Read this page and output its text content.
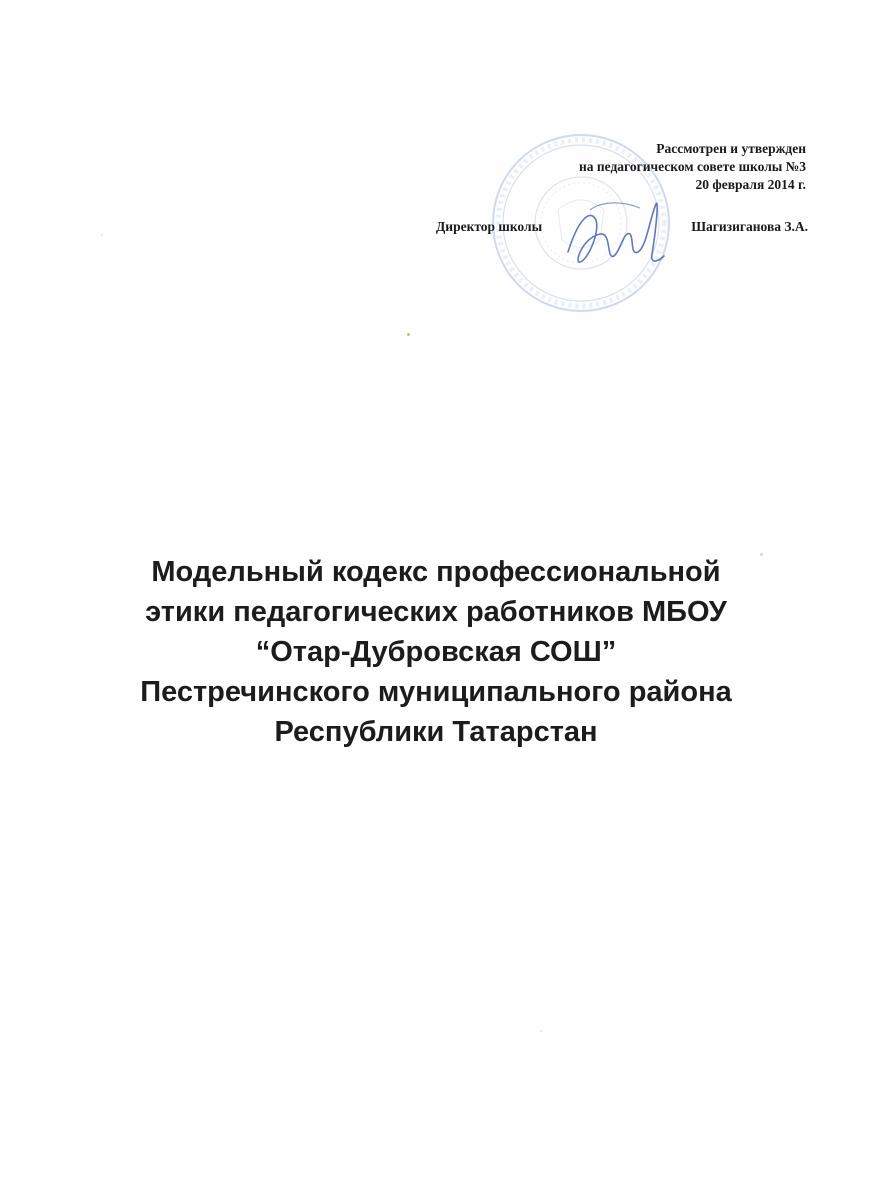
Рассмотрен и утвержден
на педагогическом совете школы №3
20 февраля 2014 г.
Директор школы	Шагизиганова З.А.
Модельный кодекс профессиональной
этики педагогических работников МБОУ
“Отар-Дубровская СОШ”
Пестречинского муниципального района
Республики Татарстан
